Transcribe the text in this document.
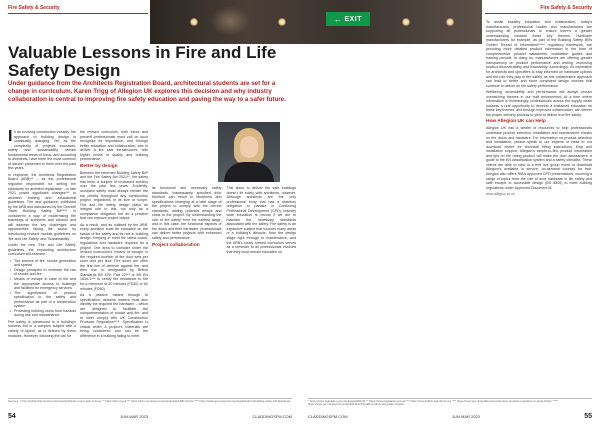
Fire Safety & Security	Fire Safety & Security
← EXIT
Valuable Lessons in Fire and Life Safety Design
Under guidance from the Architects Registration Board, architectural students are set for a change in curriculum. Karen Trigg of Allegion UK explores this decision and why industry collaboration is central to improving fire safety education and paving the way to a safer future.

In an evolving construction industry, the approach to building design is continually changing. Yet, as the complexity of projects increases, safety and sustainability remain fundamental areas of focus, and according to architects, have been the most common of issues* presented to them over the past few years.

In response, the Architects Registration Board (ARB)** – as the professional regulator responsible for setting the standards for architect registration – in late 2021 posed significant changes*** to architect training and educational guidelines. The new guidance, published by the ARB and sanctioned by the Grenfell Tower Building Safety Bill****, is considered a way of modernising the teachings of architects and schools and will address the key challenges and opportunities facing the sector by introducing revised module guidelines on 'fire and Life Safety' and 'Sustainability'.

Under the new 'Fire and Life Safety' guidelines, the expanding architecture curriculum will examine:

• The science of fire, smoke generation and spread
• Design principles to minimise the risk of smoke and fire
• Means of escape in case of fire and the appropriate access to buildings and facilities for emergency services
• The significance of product specification to the safety and performance as part of a construction system
• Protecting building users from hazards during use and maintenance.

Fire safety is paramount to a building's success but is a complex subject with a variety of layers, as is defined by these modules. However, following the call for

the revised curriculum, both future and present professionals must call on such recognise its importance, and through better education and collaboration, aim to deliver a fire safe infrastructure, with higher levels of quality and building performance.

Better by design

Between the reformed Building Safety Bill* and the Fire Safety Act 2021**, fire safety has been a subject of increased scrutiny over the past few years. Evidently, occupant safety must always remain the top priority throughout any construction project, regardless of its size or scope. Fire and life safety design plays an integral role to this, not only as a compliance obligation but as a practice that can improve project output.

As a result, and as outlined by the ARB, every architect must be educated on the basics of fire safety and its role in building design. Keeping in mind the latest codes, regulations and hardware required for a project. One area to consider under the revised curriculum's 'means of escape' is the required number of fire door sets per room and per floor. Fire doors are often the first line of defence against fire, and their use is designated by British Standards BS 476: Part 22*** or BS EN 1634-1*** to certify the resistance to fire for a minimum of 30 minutes (FD30) or 60 minutes (FD60).

As a passive means through to specification, decision makers must also identify the required fire hardware – which are designed to facilitate the compartmentation of smoke and fire, and to meet comply with UK Construction Products Regulation****. Specification is critical when a project's materials are being considered and can be the difference in a building failing to meet

its functional and necessary safety standards. Inadequately specified door furniture can result in blueprints and specifications changing at a later stage of the project to comply with the correct standards, adding potential delays and costs to the project. By understanding the role of fire safety from the earliest stage, and in this case, the functional aspects of fire doors and their hardware, professionals can deliver better projects with enhanced safety and performance.

Project collaboration

This issue to deliver fire safe buildings doesn't lie solely with architects, however. Although architects are the only professional body that has a statutory obligation to partake in Continuing Professional Development (CPD), industry wide education is crucial if we are to maintain the necessary standards associated with fire safety. Fire safety is an expansive subject that touches many areas of a building's lifecycle, from the design stage right through to maintenance, and the ARB's newly formed curriculum serves as a reminder to all professionals involved that they must remain educated on

To assist industry education and collaboration, today's manufacturers, professional bodies and manufacturers are supporting all professionals to ensure there's a greater understanding towards these key themes. Hardware manufacturers for example, as part of the Building Safety Bill's Golden Thread of Information***** regulatory framework, are providing more detailed product information in the form of comprehensive product datasheets, installation guides and training periods. In doing so, manufacturers are offering greater transparency on product performance and testing, improving product discoverability and traceability. Accordingly, it's imperative for architects and specifiers to stay informed on hardware options and the role they play in fire safety, as this collaborative approach can lead to better and more consistent design choices that continue to deliver on fire safety performance.

Wellbeing, accessibility and performance will always remain overarching themes in our built environment. At a time where information is increasingly, professionals across the supply chain possess a real opportunity to develop a sustained education on these key themes, and through improved collaboration, can deliver the proper delivery process to yield to deliver true fire safety.

How Allegion UK can Help

Allegion UK has a wealth of resources to help professionals undertake product selection, installation and maintenance checks on fire doors and hardware. For information on product selection and installation, please speak to our experts or head to our download centre for technical fitting instructions, Ewp and installation support. Allegion's simple-to-find product information and tips on fire rating product will make fire door assessment; a guide to the EN classification system and a safety checklist. These videos are able to view in a free live group event or download Allegion's available in service, on-demand courses for free. Allegion also offers RIBA approved CPD presentations, covering a range of topics from the role of door hardware in life safety and safe escape to accessible design (BS 8300) to meet building regulations under Approved Document M.

www.allegion.co.uk
Sources: * http://architectsjournal.co.uk/news/architects-report-lack-of-focus ** https://arb.org.uk *** https://arb.org.uk/wp-content/uploads/ARB-Criteria **** https://www.gov.uk/government/publications/building-safety-bill-factsheets	* https://www.legislation.gov.uk/ukpga/2021/24 ** https://www.legislation.gov.uk *** https://www.british-standards.org **** https://www.gov.uk/guidance/construction-products-regulation-in-great-britain ***** https://www.gov.uk/government/publications/building-safety-bill-golden-thread
54	JUN-MAR 2023	CLADDINGSFM.COM	CLADDINGSFM.COM	JUN-MAR 2023	55
